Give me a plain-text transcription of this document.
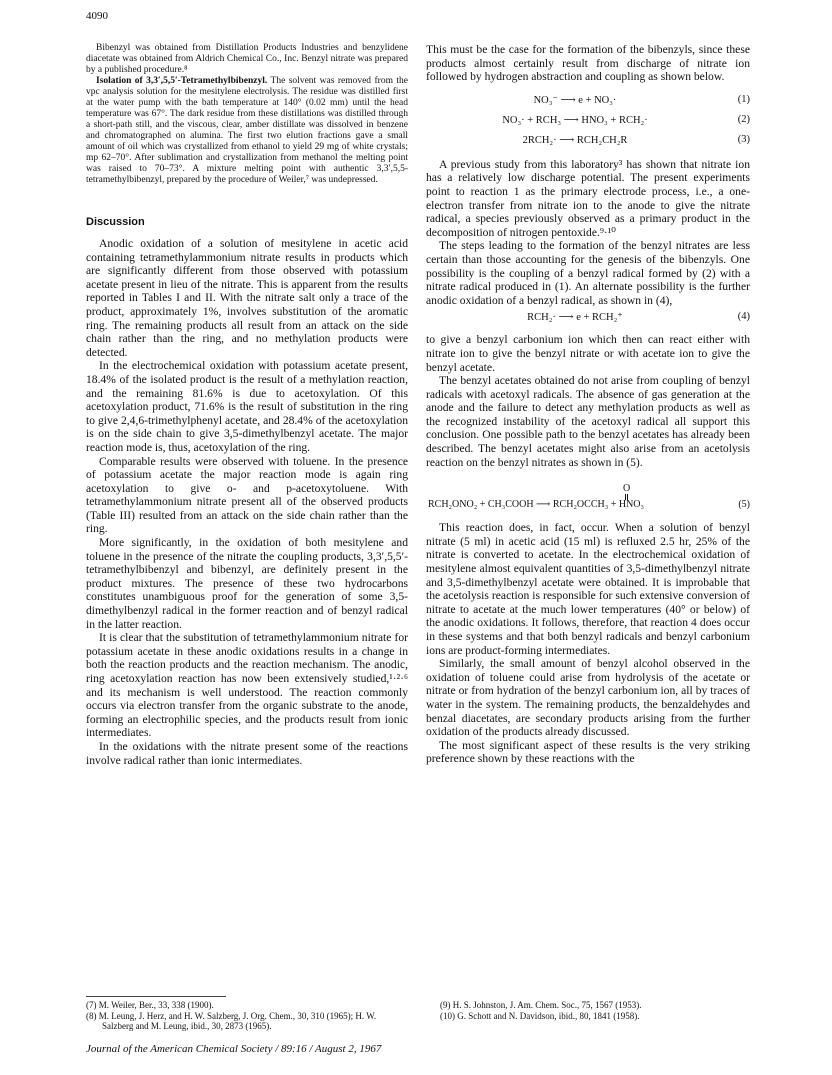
4090

Bibenzyl was obtained from Distillation Products Industries and benzylidene diacetate was obtained from Aldrich Chemical Co., Inc. Benzyl nitrate was prepared by a published procedure.⁸

Isolation of 3,3′,5,5′-Tetramethylbibenzyl. The solvent was removed from the vpc analysis solution for the mesitylene electrolysis. The residue was distilled first at the water pump with the bath temperature at 140° (0.02 mm) until the head temperature was 67°. The dark residue from these distillations was distilled through a short-path still, and the viscous, clear, amber distillate was dissolved in benzene and chromatographed on alumina. The first two elution fractions gave a small amount of oil which was crystallized from ethanol to yield 29 mg of white crystals; mp 62–70°. After sublimation and crystallization from methanol the melting point was raised to 70–73°. A mixture melting point with authentic 3,3′,5,5-tetramethylbibenzyl, prepared by the procedure of Weiler,⁷ was undepressed.

Discussion

Anodic oxidation of a solution of mesitylene in acetic acid containing tetramethylammonium nitrate results in products which are significantly different from those observed with potassium acetate present in lieu of the nitrate. This is apparent from the results reported in Tables I and II. With the nitrate salt only a trace of the product, approximately 1%, involves substitution of the aromatic ring. The remaining products all result from an attack on the side chain rather than the ring, and no methylation products were detected.

In the electrochemical oxidation with potassium acetate present, 18.4% of the isolated product is the result of a methylation reaction, and the remaining 81.6% is due to acetoxylation. Of this acetoxylation product, 71.6% is the result of substitution in the ring to give 2,4,6-trimethylphenyl acetate, and 28.4% of the acetoxylation is on the side chain to give 3,5-dimethylbenzyl acetate. The major reaction mode is, thus, acetoxylation of the ring.

Comparable results were observed with toluene. In the presence of potassium acetate the major reaction mode is again ring acetoxylation to give o- and p-acetoxytoluene. With tetramethylammonium nitrate present all of the observed products (Table III) resulted from an attack on the side chain rather than the ring.

More significantly, in the oxidation of both mesitylene and toluene in the presence of the nitrate the coupling products, 3,3′,5,5′-tetramethylbibenzyl and bibenzyl, are definitely present in the product mixtures. The presence of these two hydrocarbons constitutes unambiguous proof for the generation of some 3,5-dimethylbenzyl radical in the former reaction and of benzyl radical in the latter reaction.

It is clear that the substitution of tetramethylammonium nitrate for potassium acetate in these anodic oxidations results in a change in both the reaction products and the reaction mechanism. The anodic, ring acetoxylation reaction has now been extensively studied,¹·²·⁶ and its mechanism is well understood. The reaction commonly occurs via electron transfer from the organic substrate to the anode, forming an electrophilic species, and the products result from ionic intermediates.

In the oxidations with the nitrate present some of the reactions involve radical rather than ionic intermediates.

This must be the case for the formation of the bibenzyls, since these products almost certainly result from discharge of nitrate ion followed by hydrogen abstraction and coupling as shown below.

NO₃⁻ ⟶ e + NO₃·	(1)
NO₃· + RCH₃ ⟶ HNO₃ + RCH₂·	(2)
2RCH₂· ⟶ RCH₂CH₂R	(3)

A previous study from this laboratory³ has shown that nitrate ion has a relatively low discharge potential. The present experiments point to reaction 1 as the primary electrode process, i.e., a one-electron transfer from nitrate ion to the anode to give the nitrate radical, a species previously observed as a primary product in the decomposition of nitrogen pentoxide.⁹·¹⁰

The steps leading to the formation of the benzyl nitrates are less certain than those accounting for the genesis of the bibenzyls. One possibility is the coupling of a benzyl radical formed by (2) with a nitrate radical produced in (1). An alternate possibility is the further anodic oxidation of a benzyl radical, as shown in (4),

RCH₂· ⟶ e + RCH₂⁺	(4)

to give a benzyl carbonium ion which then can react either with nitrate ion to give the benzyl nitrate or with acetate ion to give the benzyl acetate.

The benzyl acetates obtained do not arise from coupling of benzyl radicals with acetoxyl radicals. The absence of gas generation at the anode and the failure to detect any methylation products as well as the recognized instability of the acetoxyl radical all support this conclusion. One possible path to the benzyl acetates has already been described. The benzyl acetates might also arise from an acetolysis reaction on the benzyl nitrates as shown in (5).

O
RCH₂ONO₂ + CH₃COOH ⟶ RCH₂OCCH₃ + HNO₃	(5)

This reaction does, in fact, occur. When a solution of benzyl nitrate (5 ml) in acetic acid (15 ml) is refluxed 2.5 hr, 25% of the nitrate is converted to acetate. In the electrochemical oxidation of mesitylene almost equivalent quantities of 3,5-dimethylbenzyl nitrate and 3,5-dimethylbenzyl acetate were obtained. It is improbable that the acetolysis reaction is responsible for such extensive conversion of nitrate to acetate at the much lower temperatures (40° or below) of the anodic oxidations. It follows, therefore, that reaction 4 does occur in these systems and that both benzyl radicals and benzyl carbonium ions are product-forming intermediates.

Similarly, the small amount of benzyl alcohol observed in the oxidation of toluene could arise from hydrolysis of the acetate or nitrate or from hydration of the benzyl carbonium ion, all by traces of water in the system. The remaining products, the benzaldehydes and benzal diacetates, are secondary products arising from the further oxidation of the products already discussed.

The most significant aspect of these results is the very striking preference shown by these reactions with the

(7) M. Weiler, Ber., 33, 338 (1900).

(8) M. Leung, J. Herz, and H. W. Salzberg, J. Org. Chem., 30, 310 (1965); H. W. Salzberg and M. Leung, ibid., 30, 2873 (1965).

(9) H. S. Johnston, J. Am. Chem. Soc., 75, 1567 (1953).

(10) G. Schott and N. Davidson, ibid., 80, 1841 (1958).

Journal of the American Chemical Society / 89:16 / August 2, 1967
